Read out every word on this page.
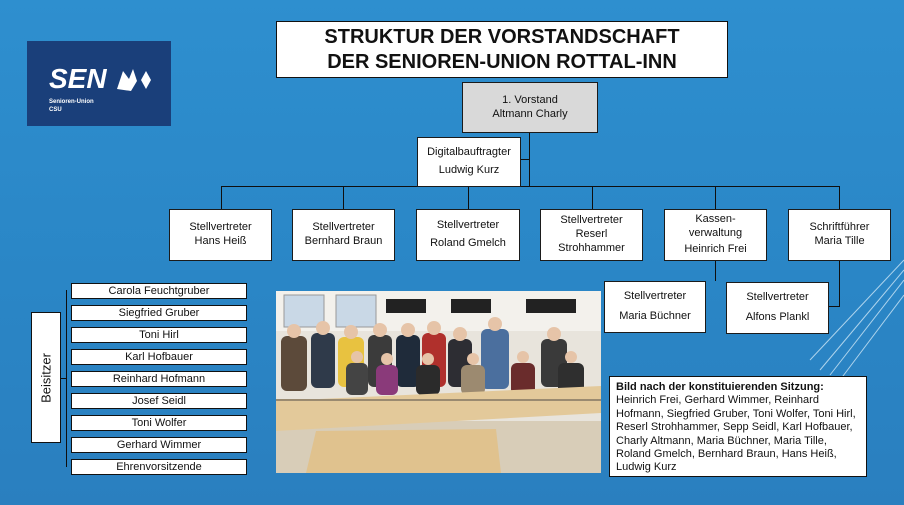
SEN
Senioren-Union
CSU
STRUKTUR DER VORSTANDSCHAFT
DER SENIOREN-UNION ROTTAL-INN
1. Vorstand
Altmann Charly
Digitalbauftragter
Ludwig Kurz
Stellvertreter
Hans Heiß
Stellvertreter
Bernhard Braun
Stellvertreter
Roland Gmelch
Stellvertreter
Reserl
Strohhammer
Kassen-
verwaltung
Heinrich Frei
Schriftführer
Maria Tille
Stellvertreter
Maria Büchner
Stellvertreter
Alfons Plankl
Beisitzer
Carola Feuchtgruber
Siegfried Gruber
Toni Hirl
Karl Hofbauer
Reinhard Hofmann
Josef Seidl
Toni Wolfer
Gerhard Wimmer
Ehrenvorsitzende
Bild nach der konstituierenden Sitzung:
Heinrich Frei, Gerhard Wimmer, Reinhard Hofmann, Siegfried Gruber, Toni Wolfer, Toni Hirl, Reserl Strohhammer, Sepp Seidl, Karl Hofbauer, Charly Altmann, Maria Büchner, Maria Tille, Roland Gmelch, Bernhard Braun, Hans Heiß, Ludwig Kurz
